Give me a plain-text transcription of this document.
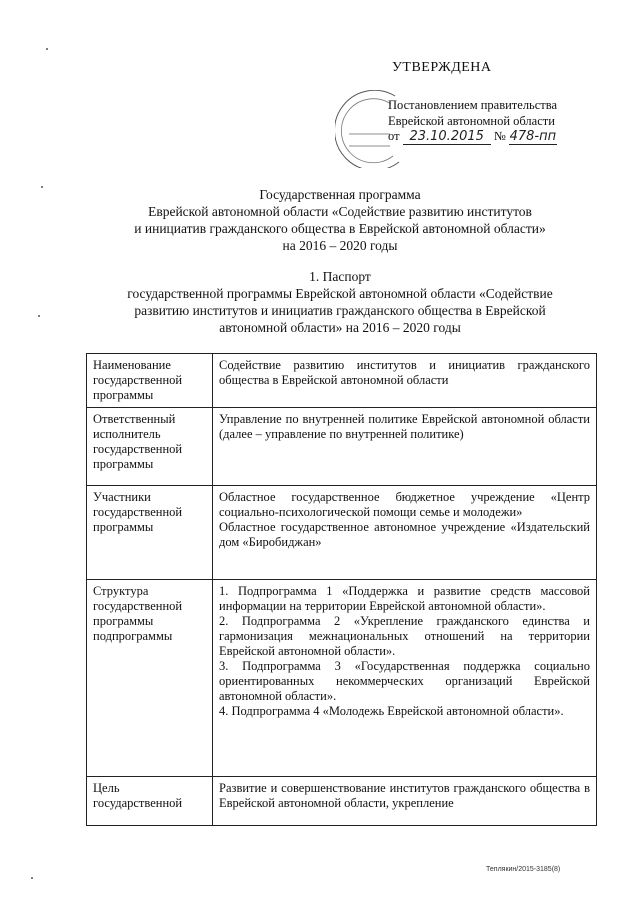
УТВЕРЖДЕНА
Постановлением правительства
Еврейской автономной области
от 23.10.2015 № 478-пп
Государственная программа
Еврейской автономной области «Содействие развитию институтов
и инициатив гражданского общества в Еврейской автономной области»
на 2016 – 2020 годы
1. Паспорт
государственной программы Еврейской автономной области «Содействие
развитию институтов и инициатив гражданского общества в Еврейской
автономной области» на 2016 – 2020 годы
Наименование государственной программы	Содействие развитию институтов и инициатив гражданского общества в Еврейской автономной области

Ответственный исполнитель государственной программы	Управление по внутренней политике Еврейской автономной области (далее – управление по внутренней политике)

Участники государственной программы	Областное государственное бюджетное учреждение «Центр социально-психологической помощи семье и молодежи»
Областное государственное автономное учреждение «Издательский дом «Биробиджан»

Структура государственной программы подпрограммы	1. Подпрограмма 1 «Поддержка и развитие средств массовой информации на территории Еврейской автономной области».
2. Подпрограмма 2 «Укрепление гражданского единства и гармонизация межнациональных отношений на территории Еврейской автономной области».
3. Подпрограмма 3 «Государственная поддержка социально ориентированных некоммерческих организаций Еврейской автономной области».
4. Подпрограмма 4 «Молодежь Еврейской автономной области».

Цель государственной	Развитие и совершенствование институтов гражданского общества в Еврейской автономной области, укрепление
Теплякин/2015-3185(8)
